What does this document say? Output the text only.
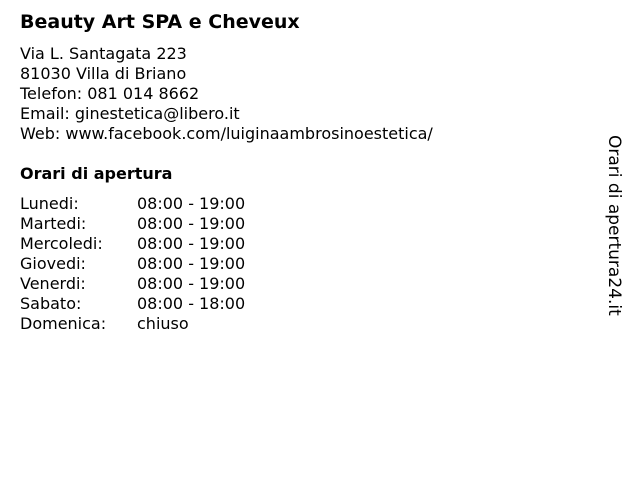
Beauty Art SPA e Cheveux
Via L. Santagata 223
81030 Villa di Briano
Telefon: 081 014 8662
Email: ginestetica@libero.it
Web: www.facebook.com/luiginaambrosinoestetica/
Orari di apertura
Lunedi:	08:00 - 19:00
Martedi:	08:00 - 19:00
Mercoledi: 08:00 - 19:00
Giovedi:	08:00 - 19:00
Venerdi:	08:00 - 19:00
Sabato:	08:00 - 18:00
Domenica: chiuso
Orari di apertura24.it
